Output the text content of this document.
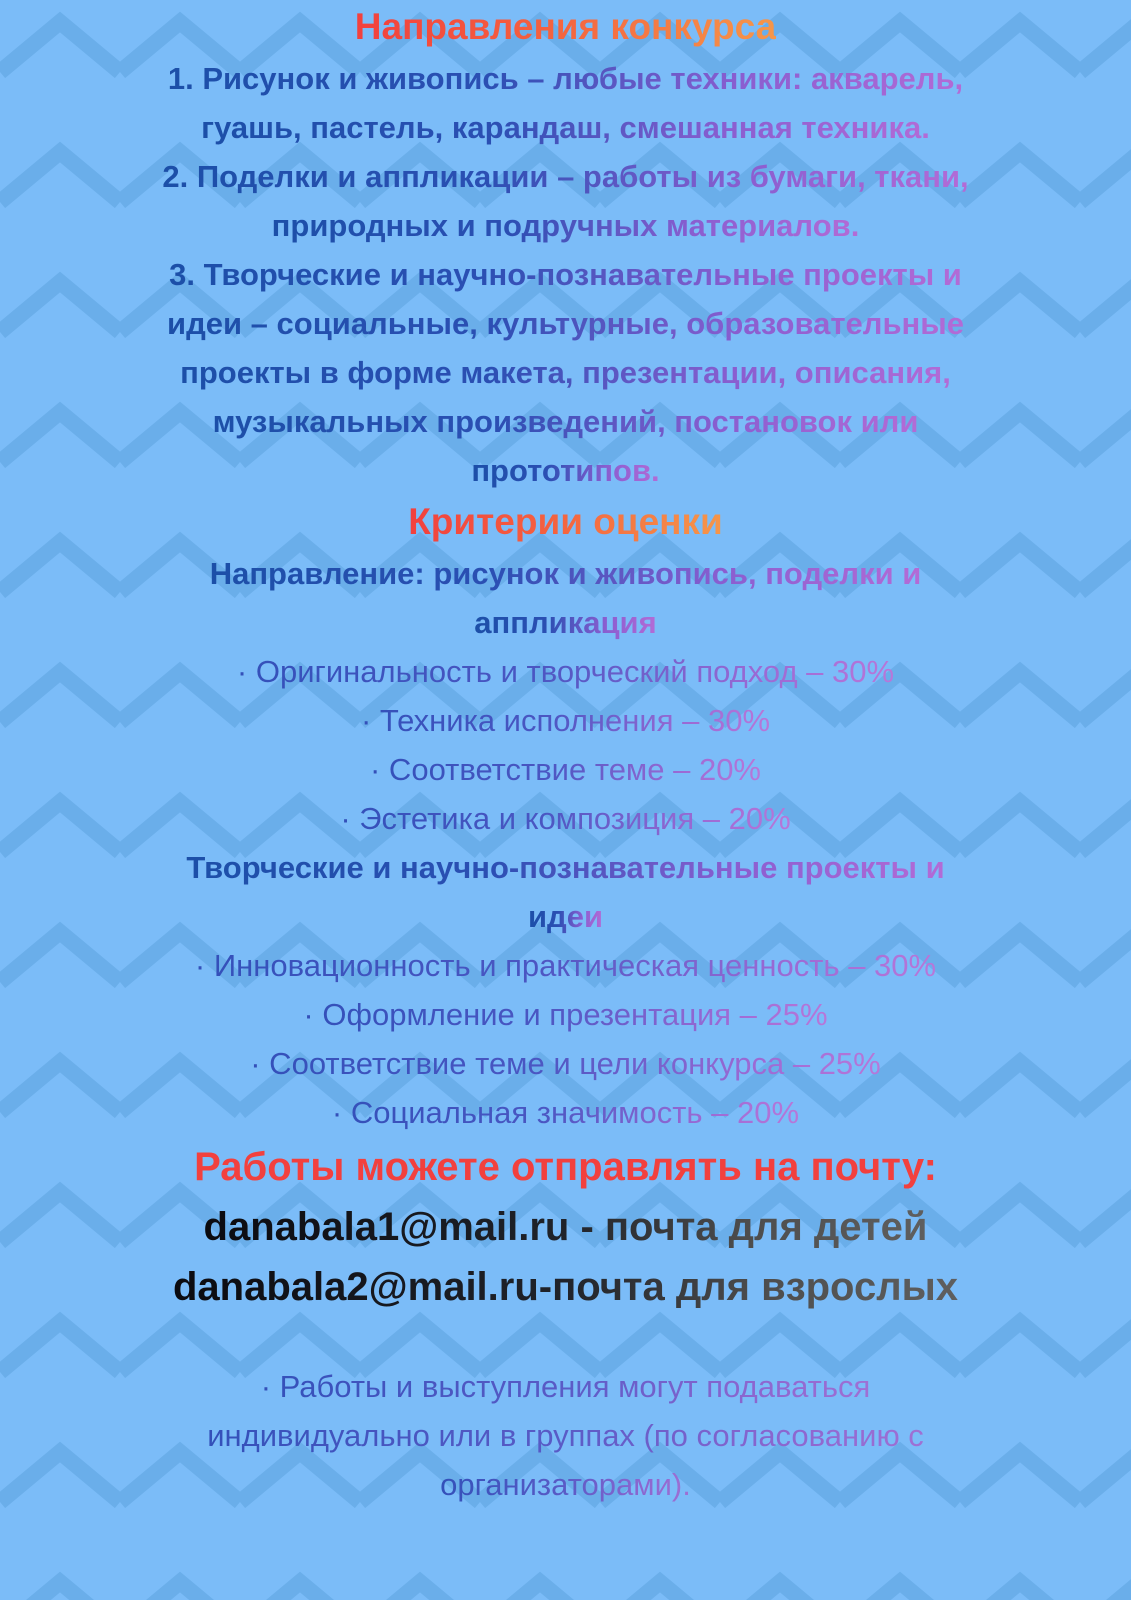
Направления конкурса
1. Рисунок и живопись – любые техники: акварель,
гуашь, пастель, карандаш, смешанная техника.
2. Поделки и аппликации – работы из бумаги, ткани,
природных и подручных материалов.
3. Творческие и научно-познавательные проекты и
идеи – социальные, культурные, образовательные
проекты в форме макета, презентации, описания,
музыкальных произведений, постановок или
прототипов.
Критерии оценки
Направление: рисунок и живопись, поделки и
аппликация
· Оригинальность и творческий подход – 30%
· Техника исполнения – 30%
· Соответствие теме – 20%
· Эстетика и композиция – 20%
Творческие и научно-познавательные проекты и
идеи
· Инновационность и практическая ценность – 30%
· Оформление и презентация – 25%
· Соответствие теме и цели конкурса – 25%
· Социальная значимость – 20%
Работы можете отправлять на почту:
danabala1@mail.ru - почта для детей
danabala2@mail.ru-почта для взрослых
· Работы и выступления могут подаваться
индивидуально или в группах (по согласованию с
организаторами).
